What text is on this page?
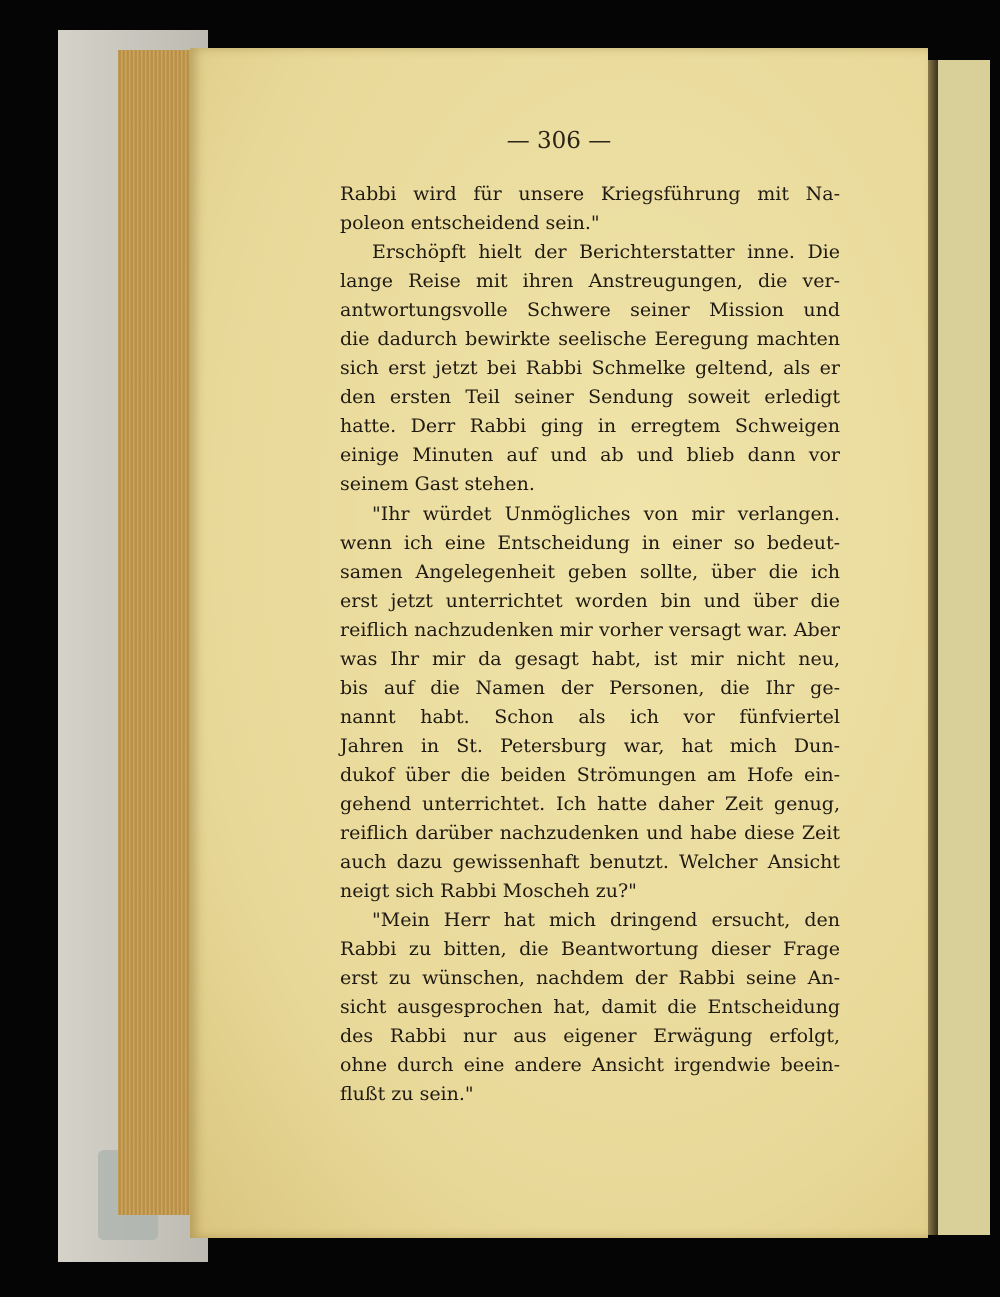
— 306 —
Rabbi wird für unsere Kriegsführung mit Na-
poleon entscheidend sein."
Erschöpft hielt der Berichterstatter inne. Die
lange Reise mit ihren Anstreugungen, die ver-
antwortungsvolle Schwere seiner Mission und
die dadurch bewirkte seelische Eeregung machten
sich erst jetzt bei Rabbi Schmelke geltend, als er
den ersten Teil seiner Sendung soweit erledigt
hatte. Derr Rabbi ging in erregtem Schweigen
einige Minuten auf und ab und blieb dann vor
seinem Gast stehen.
"Ihr würdet Unmögliches von mir verlangen.
wenn ich eine Entscheidung in einer so bedeut-
samen Angelegenheit geben sollte, über die ich
erst jetzt unterrichtet worden bin und über die
reiflich nachzudenken mir vorher versagt war. Aber
was Ihr mir da gesagt habt, ist mir nicht neu,
bis auf die Namen der Personen, die Ihr ge-
nannt habt. Schon als ich vor fünfviertel
Jahren in St. Petersburg war, hat mich Dun-
dukof über die beiden Strömungen am Hofe ein-
gehend unterrichtet. Ich hatte daher Zeit genug,
reiflich darüber nachzudenken und habe diese Zeit
auch dazu gewissenhaft benutzt. Welcher Ansicht
neigt sich Rabbi Moscheh zu?"
"Mein Herr hat mich dringend ersucht, den
Rabbi zu bitten, die Beantwortung dieser Frage
erst zu wünschen, nachdem der Rabbi seine An-
sicht ausgesprochen hat, damit die Entscheidung
des Rabbi nur aus eigener Erwägung erfolgt,
ohne durch eine andere Ansicht irgendwie beein-
flußt zu sein."
